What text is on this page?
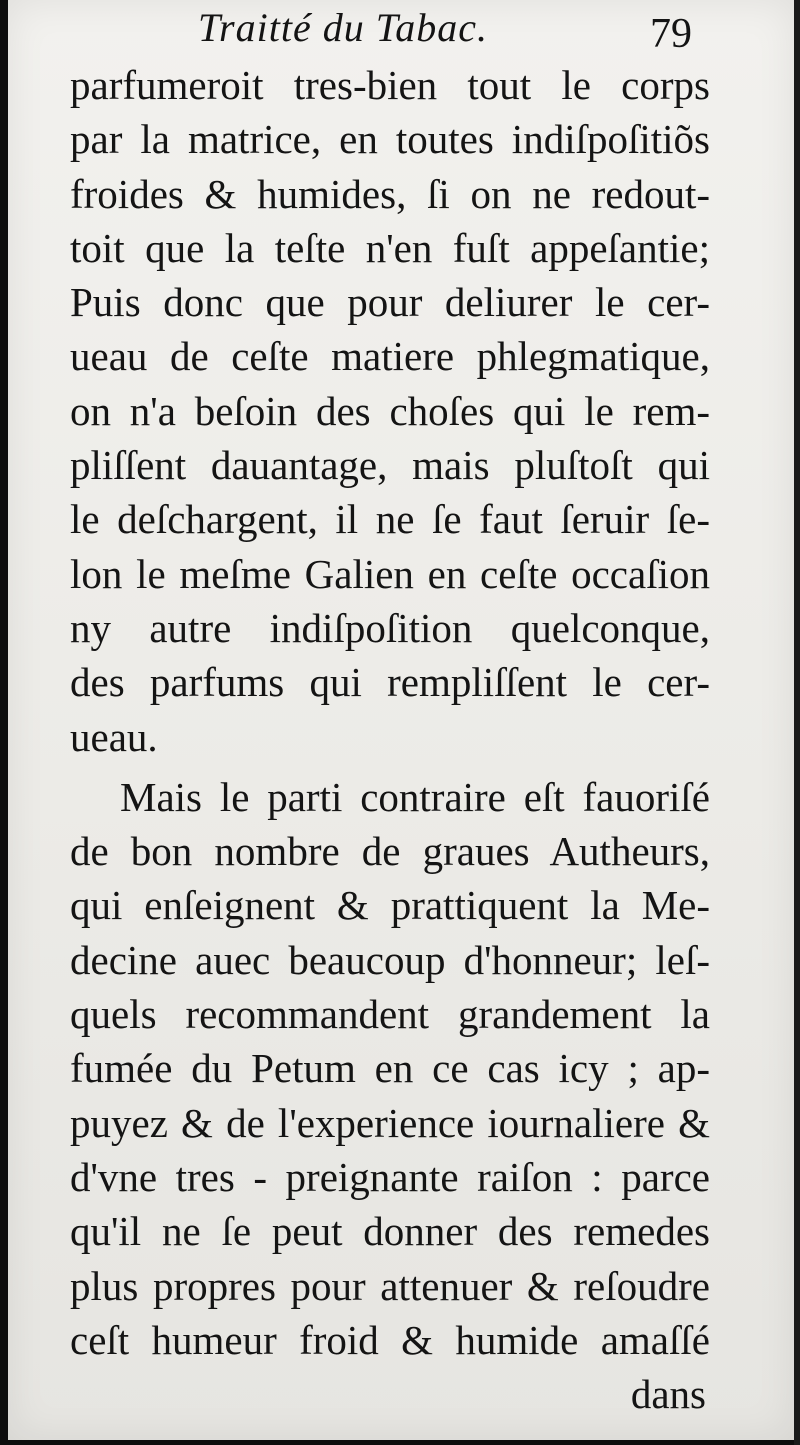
Traitté du Tabac.	79
parfumeroit tres-bien tout le corps
par la matrice, en toutes indiſpoſitiõs
froides & humides, ſi on ne redout-
toit que la teſte n'en fuſt appeſantie;
Puis donc que pour deliurer le cer-
ueau de ceſte matiere phlegmatique,
on n'a beſoin des choſes qui le rem-
pliſſent dauantage, mais pluſtoſt qui
le deſchargent, il ne ſe faut ſeruir ſe-
lon le meſme Galien en ceſte occaſion
ny autre indiſpoſition quelconque,
des parfums qui rempliſſent le cer-
ueau.
Mais le parti contraire eſt fauoriſé
de bon nombre de graues Autheurs,
qui enſeignent & prattiquent la Me-
decine auec beaucoup d'honneur; leſ-
quels recommandent grandement la
fumée du Petum en ce cas icy ; ap-
puyez & de l'experience iournaliere &
d'vne tres - preignante raiſon : parce
qu'il ne ſe peut donner des remedes
plus propres pour attenuer & reſoudre
ceſt humeur froid & humide amaſſé
dans
